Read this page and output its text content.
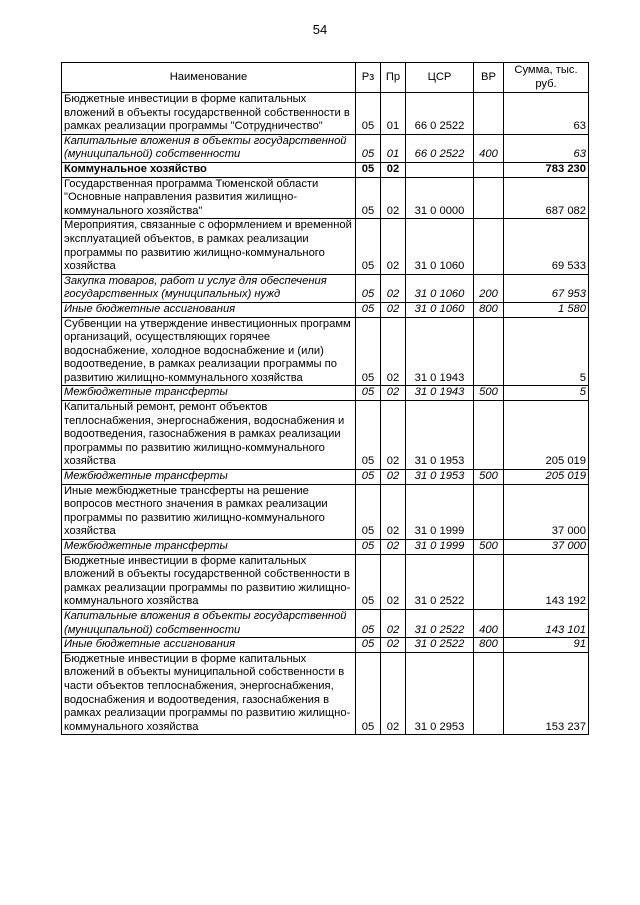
54
Наименование	Рз	Пр	ЦСР	ВР	Сумма, тыс. руб.
Бюджетные инвестиции в форме капитальных вложений в объекты государственной собственности в рамках реализации программы "Сотрудничество"	05	01	66 0 2522		63
Капитальные вложения в объекты государственной (муниципальной) собственности	05	01	66 0 2522	400	63
Коммунальное хозяйство	05	02			783 230
Государственная программа Тюменской области "Основные направления развития жилищно-коммунального хозяйства"	05	02	31 0 0000		687 082
Мероприятия, связанные с оформлением и временной эксплуатацией объектов, в рамках реализации программы по развитию жилищно-коммунального хозяйства	05	02	31 0 1060		69 533
Закупка товаров, работ и услуг для обеспечения государственных (муниципальных) нужд	05	02	31 0 1060	200	67 953
Иные бюджетные ассигнования	05	02	31 0 1060	800	1 580
Субвенции на утверждение инвестиционных программ организаций, осуществляющих горячее водоснабжение, холодное водоснабжение и (или) водоотведение, в рамках реализации программы по развитию жилищно-коммунального хозяйства	05	02	31 0 1943		5
Межбюджетные трансферты	05	02	31 0 1943	500	5
Капитальный ремонт, ремонт объектов теплоснабжения, энергоснабжения, водоснабжения и водоотведения, газоснабжения в рамках реализации программы по развитию жилищно-коммунального хозяйства	05	02	31 0 1953		205 019
Межбюджетные трансферты	05	02	31 0 1953	500	205 019
Иные межбюджетные трансферты на решение вопросов местного значения в рамках реализации программы по развитию жилищно-коммунального хозяйства	05	02	31 0 1999		37 000
Межбюджетные трансферты	05	02	31 0 1999	500	37 000
Бюджетные инвестиции в форме капитальных вложений в объекты государственной собственности в рамках реализации программы по развитию жилищно-коммунального хозяйства	05	02	31 0 2522		143 192
Капитальные вложения в объекты государственной (муниципальной) собственности	05	02	31 0 2522	400	143 101
Иные бюджетные ассигнования	05	02	31 0 2522	800	91
Бюджетные инвестиции в форме капитальных вложений в объекты муниципальной собственности в части объектов теплоснабжения, энергоснабжения, водоснабжения и водоотведения, газоснабжения в рамках реализации программы по развитию жилищно-коммунального хозяйства	05	02	31 0 2953		153 237
